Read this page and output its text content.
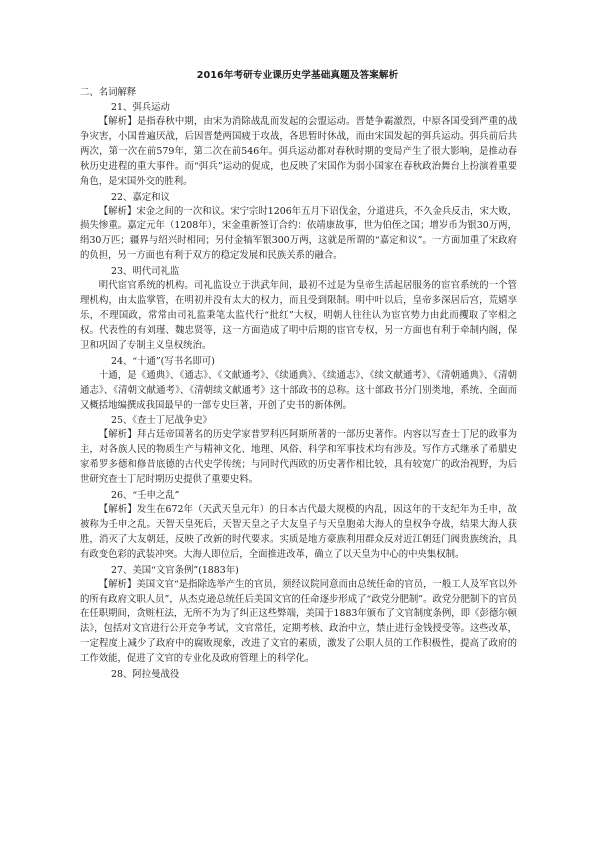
2016年考研专业课历史学基础真题及答案解析
二、名词解释
21、弭兵运动

【解析】是指春秋中期，由宋为消除战乱而发起的会盟运动。晋楚争霸激烈，中原各国受到严重的战争灾害，小国普遍厌战，后因晋楚两国疲于攻战，各思暂时休战，而由宋国发起的弭兵运动。弭兵前后共两次，第一次在前579年，第二次在前546年。弭兵运动都对春秋时期的变局产生了很大影响，是推动春秋历史进程的重大事件。而“弭兵”运动的促成，也反映了宋国作为弱小国家在春秋政治舞台上扮演着重要角色，是宋国外交的胜利。

22、嘉定和议

【解析】宋金之间的一次和议。宋宁宗时1206年五月下诏伐金，分道进兵，不久金兵反击，宋大败，损失惨重。嘉定元年（1208年），宋金重新签订合约：依靖康故事，世为伯侄之国；增岁币为银30万两，绢30万匹；疆界与绍兴时相同；另付金犒军银300万两，这就是所谓的“嘉定和议”。一方面加重了宋政府的负担，另一方面也有利于双方的稳定发展和民族关系的融合。

23、明代司礼监

明代宦官系统的机构。司礼监设立于洪武年间，最初不过是为皇帝生活起居服务的宦官系统的一个管理机构，由太监掌管，在明初并没有太大的权力，而且受到限制。明中叶以后，皇帝多深居后宫，荒嬉享乐，不理国政，常常由司礼监秉笔太监代行“批红”大权，明朝人往往认为宦官势力由此而攫取了宰相之权。代表性的有刘瑾、魏忠贤等，这一方面造成了明中后期的宦官专权，另一方面也有利于牵制内阁，保卫和巩固了专制主义皇权统治。

24、“十通”(写书名即可)

十通，是《通典》、《通志》、《文献通考》、《续通典》、《续通志》、《续文献通考》、《清朝通典》、《清朝通志》、《清朝文献通考》、《清朝续文献通考》这十部政书的总称。这十部政书分门别类地，系统、全面而又概括地编撰成我国最早的一部专史巨著，开创了史书的新体例。

25、《查士丁尼战争史》

【解析】拜占廷帝国著名的历史学家普罗科匹阿斯所著的一部历史著作。内容以写查士丁尼的政事为主，对各族人民的物质生产与精神文化、地理、风俗、科学和军事技术均有涉及。写作方式继承了希腊史家希罗多德和修昔底德的古代史学传统；与同时代西欧的历史著作相比较，具有较宽广的政治视野，为后世研究查士丁尼时期历史提供了重要史料。

26、“壬申之乱”

【解析】发生在672年（天武天皇元年）的日本古代最大规模的内乱，因这年的干支纪年为壬申，故被称为壬申之乱。天智天皇死后，天智天皇之子大友皇子与天皇胞弟大海人的皇权争夺战，结果大海人获胜，消灭了大友朝廷，反映了改新的时代要求。实质是地方豪族利用群众反对近江朝廷门阀贵族统治，具有政变色彩的武装冲突。大海人即位后，全面推进改革，确立了以天皇为中心的中央集权制。

27、美国“文官条例”(1883年)

【解析】美国文官“是指除选举产生的官员，须经议院同意而由总统任命的官员，一般工人及军官以外的所有政府文职人员”，从杰克逊总统任后美国文官的任命逐步形成了“政党分肥制”。政党分肥制下的官员在任职期间，贪赃枉法，无所不为为了纠正这些弊端，美国于1883年颁布了文官制度条例，即《彭德尔顿法》，包括对文官进行公开竞争考试，文官常任，定期考核、政治中立，禁止进行金钱授受等。这些改革，一定程度上减少了政府中的腐败现象，改进了文官的素质，激发了公职人员的工作积极性，提高了政府的工作效能，促进了文官的专业化及政府管理上的科学化。

28、阿拉曼战役
